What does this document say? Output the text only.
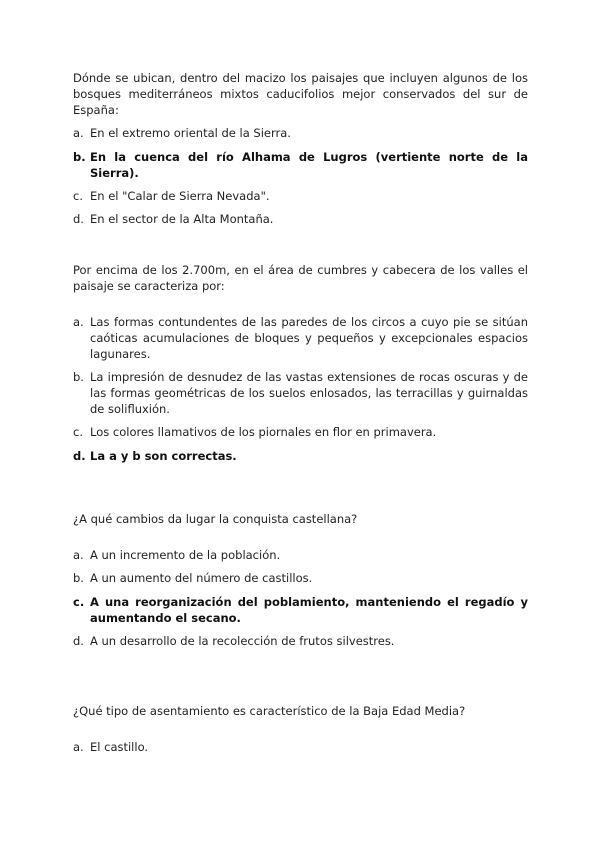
Dónde se ubican, dentro del macizo los paisajes que incluyen algunos de los bosques mediterráneos mixtos caducifolios mejor conservados del sur de España:

a. En el extremo oriental de la Sierra.

b. En la cuenca del río Alhama de Lugros (vertiente norte de la Sierra).

c. En el "Calar de Sierra Nevada".

d. En el sector de la Alta Montaña.

Por encima de los 2.700m, en el área de cumbres y cabecera de los valles el paisaje se caracteriza por:

a. Las formas contundentes de las paredes de los circos a cuyo pie se sitúan caóticas acumulaciones de bloques y pequeños y excepcionales espacios lagunares.

b. La impresión de desnudez de las vastas extensiones de rocas oscuras y de las formas geométricas de los suelos enlosados, las terracillas y guirnaldas de solifluxión.

c. Los colores llamativos de los piornales en flor en primavera.

d. La a y b son correctas.

¿A qué cambios da lugar la conquista castellana?

a. A un incremento de la población.

b. A un aumento del número de castillos.

c. A una reorganización del poblamiento, manteniendo el regadío y aumentando el secano.

d. A un desarrollo de la recolección de frutos silvestres.

¿Qué tipo de asentamiento es característico de la Baja Edad Media?

a. El castillo.
